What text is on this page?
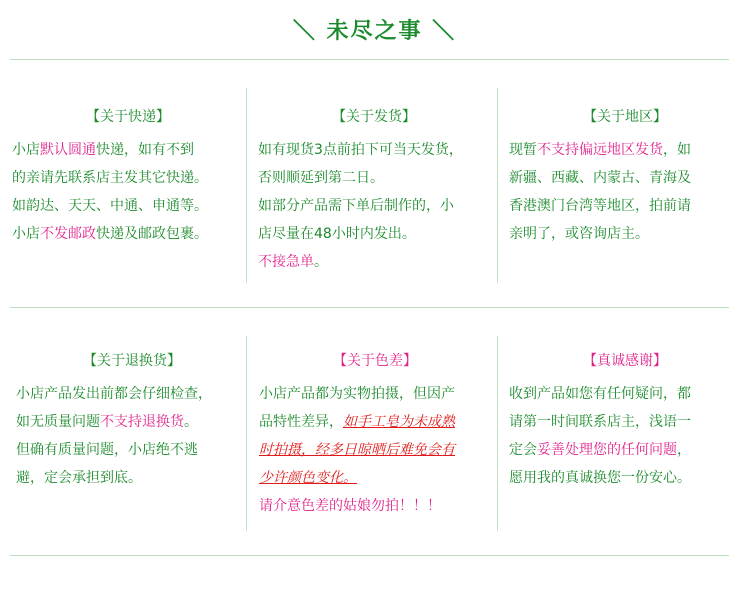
＼ 未尽之事 ＼
【关于快递】

小店默认圆通快递，如有不到
的亲请先联系店主发其它快递。
如韵达、天天、中通、申通等。
小店不发邮政快递及邮政包裹。

【关于发货】

如有现货3点前拍下可当天发货，
否则顺延到第二日。
如部分产品需下单后制作的，小
店尽量在48小时内发出。
不接急单。

【关于地区】

现暂不支持偏远地区发货，如
新疆、西藏、内蒙古、青海及
香港澳门台湾等地区，拍前请
亲明了，或咨询店主。

【关于退换货】

小店产品发出前都会仔细检查，
如无质量问题不支持退换货。
但确有质量问题，小店绝不逃
避，定会承担到底。

【关于色差】

小店产品都为实物拍摄，但因产
品特性差异，如手工皂为未成熟
时拍摄，经多日晾晒后难免会有
少许颜色变化。
请介意色差的姑娘勿拍！！！

【真诚感谢】

收到产品如您有任何疑问，都
请第一时间联系店主，浅语一
定会妥善处理您的任何问题，
愿用我的真诚换您一份安心。
